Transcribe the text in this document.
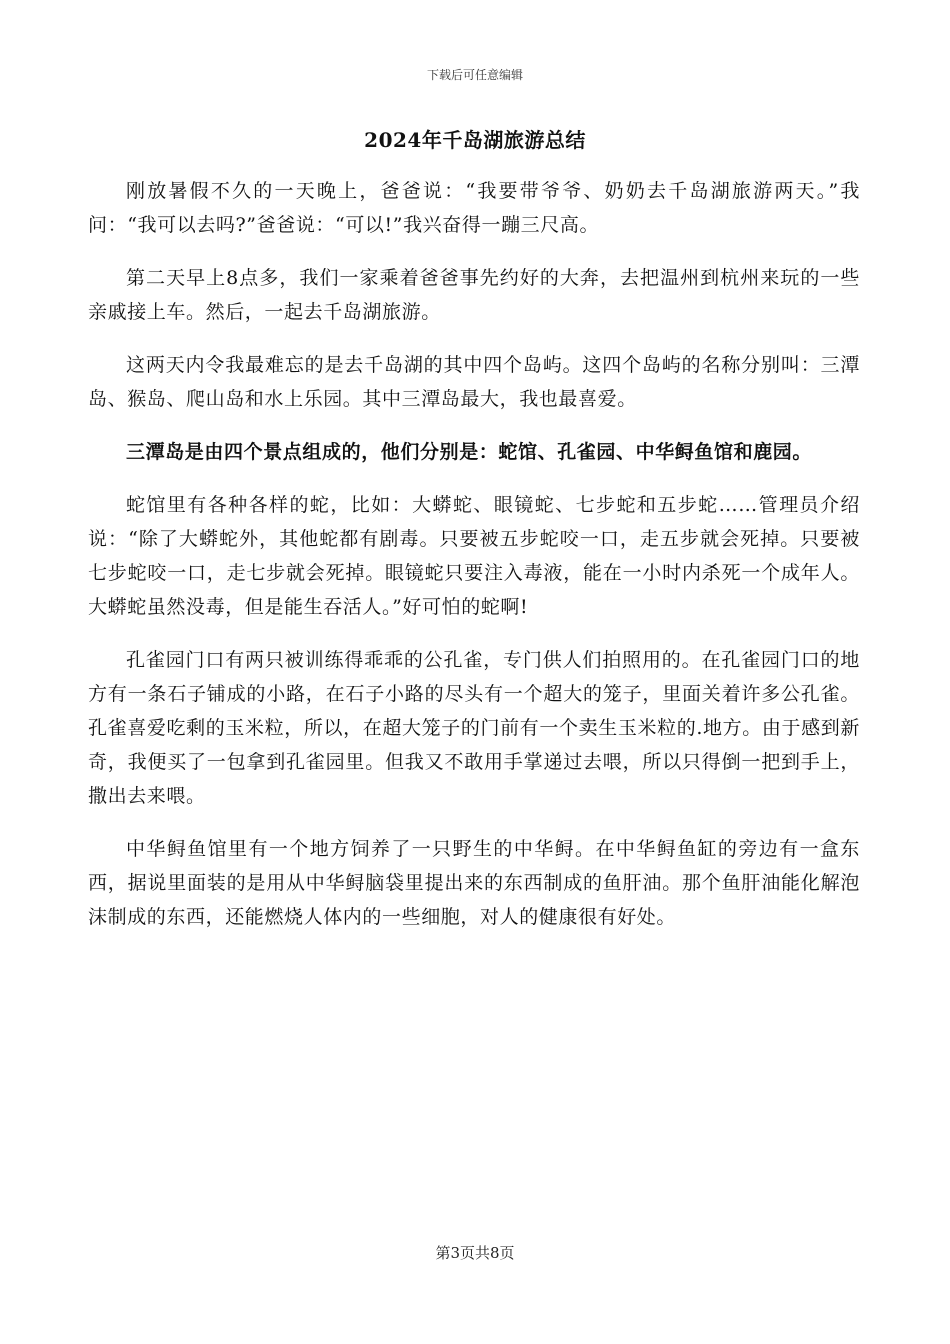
下载后可任意编辑
2024年千岛湖旅游总结

刚放暑假不久的一天晚上，爸爸说：“我要带爷爷、奶奶去千岛湖旅游两天。”我问：“我可以去吗?”爸爸说：“可以!”我兴奋得一蹦三尺高。

第二天早上8点多，我们一家乘着爸爸事先约好的大奔，去把温州到杭州来玩的一些亲戚接上车。然后，一起去千岛湖旅游。

这两天内令我最难忘的是去千岛湖的其中四个岛屿。这四个岛屿的名称分别叫：三潭岛、猴岛、爬山岛和水上乐园。其中三潭岛最大，我也最喜爱。

三潭岛是由四个景点组成的，他们分别是：蛇馆、孔雀园、中华鲟鱼馆和鹿园。

蛇馆里有各种各样的蛇，比如：大蟒蛇、眼镜蛇、七步蛇和五步蛇……管理员介绍说：“除了大蟒蛇外，其他蛇都有剧毒。只要被五步蛇咬一口，走五步就会死掉。只要被七步蛇咬一口，走七步就会死掉。眼镜蛇只要注入毒液，能在一小时内杀死一个成年人。大蟒蛇虽然没毒，但是能生吞活人。”好可怕的蛇啊!

孔雀园门口有两只被训练得乖乖的公孔雀，专门供人们拍照用的。在孔雀园门口的地方有一条石子铺成的小路，在石子小路的尽头有一个超大的笼子，里面关着许多公孔雀。孔雀喜爱吃剩的玉米粒，所以，在超大笼子的门前有一个卖生玉米粒的.地方。由于感到新奇，我便买了一包拿到孔雀园里。但我又不敢用手掌递过去喂，所以只得倒一把到手上，撒出去来喂。

中华鲟鱼馆里有一个地方饲养了一只野生的中华鲟。在中华鲟鱼缸的旁边有一盒东西，据说里面装的是用从中华鲟脑袋里提出来的东西制成的鱼肝油。那个鱼肝油能化解泡沫制成的东西，还能燃烧人体内的一些细胞，对人的健康很有好处。

第3页共8页
